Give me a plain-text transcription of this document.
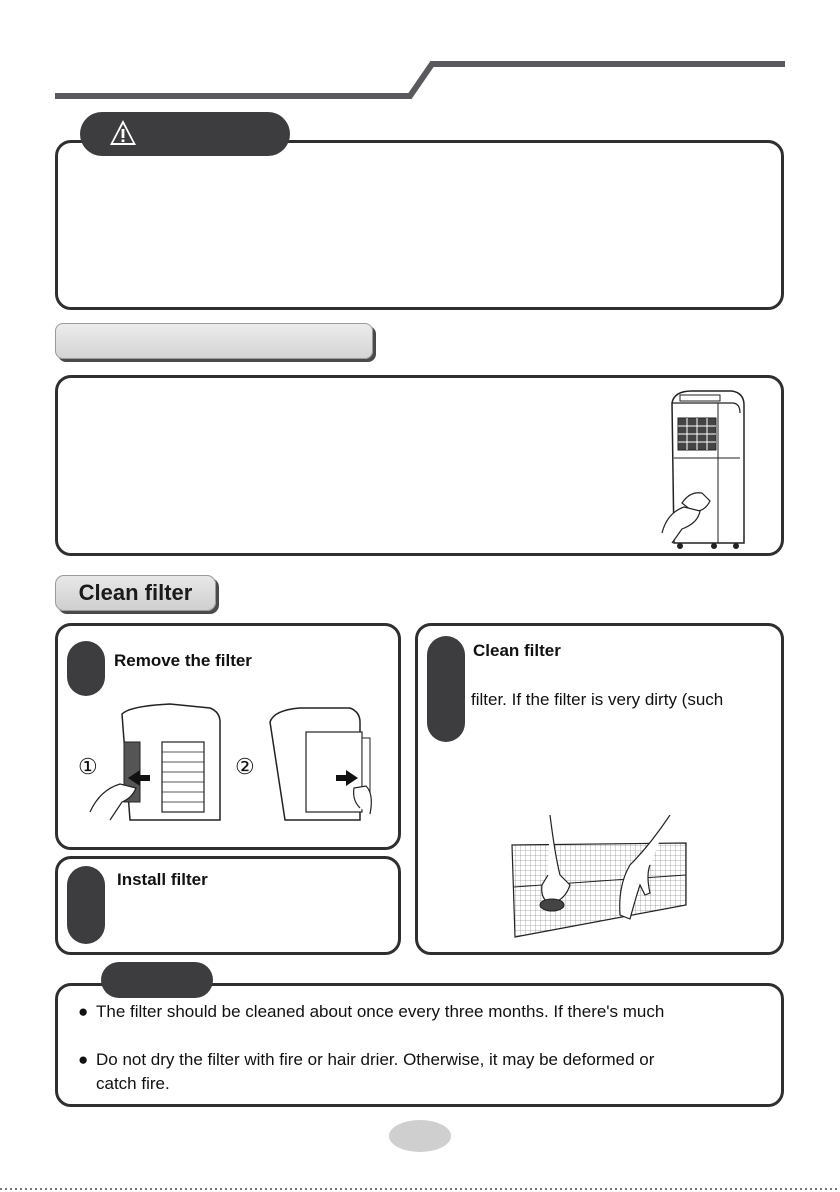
Clean filter
Remove the filter
①	②
Install filter
Clean filter
filter. If the filter is very dirty (such
● The filter should be cleaned about once every three months. If there's much
● Do not dry the filter with fire or hair drier. Otherwise, it may be deformed or
catch fire.
